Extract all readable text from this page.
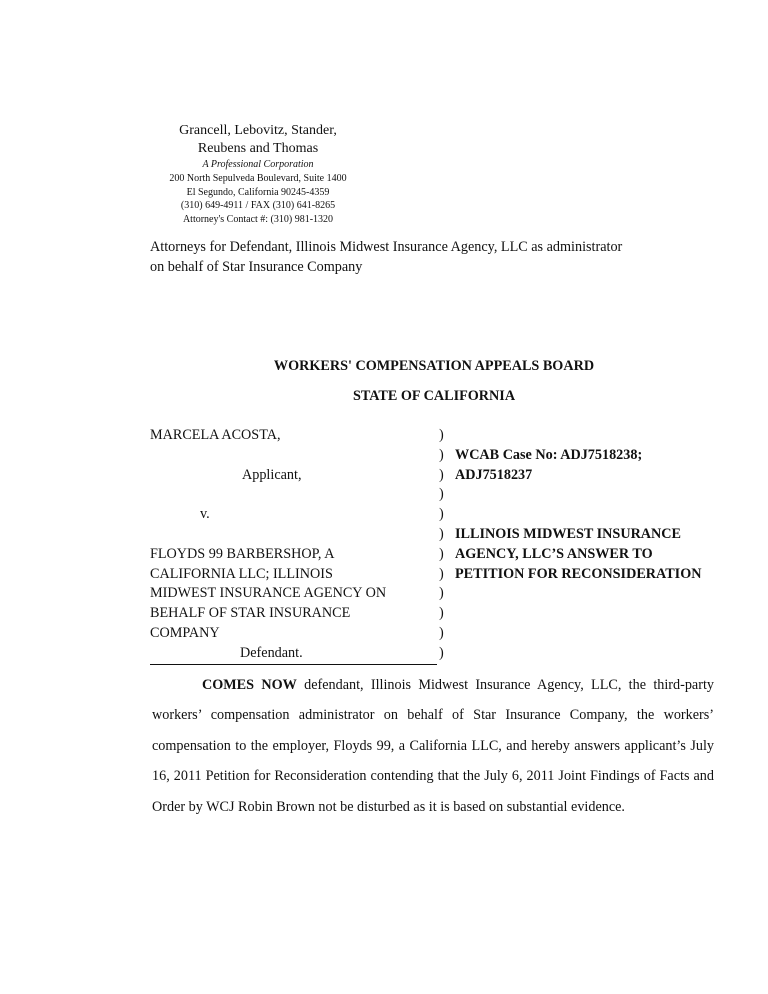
Grancell, Lebovitz, Stander,
Reubens and Thomas
A Professional Corporation
200 North Sepulveda Boulevard, Suite 1400
El Segundo, California 90245-4359
(310) 649-4911 / FAX (310) 641-8265
Attorney's Contact #: (310) 981-1320
Attorneys for Defendant, Illinois Midwest Insurance Agency, LLC as administrator
on behalf of Star Insurance Company
WORKERS' COMPENSATION APPEALS BOARD
STATE OF CALIFORNIA
MARCELA ACOSTA,
Applicant,
v.
FLOYDS 99 BARBERSHOP, A
CALIFORNIA LLC; ILLINOIS
MIDWEST INSURANCE AGENCY ON
BEHALF OF STAR INSURANCE
COMPANY
Defendant.
)
)
)
)
)
)
)
)
)
)
)
)
WCAB Case No: ADJ7518238;
ADJ7518237
ILLINOIS MIDWEST INSURANCE
AGENCY, LLC’S ANSWER TO
PETITION FOR RECONSIDERATION
COMES NOW defendant, Illinois Midwest Insurance Agency, LLC, the third-party workers’ compensation administrator on behalf of Star Insurance Company, the workers’ compensation to the employer, Floyds 99, a California LLC, and hereby answers applicant’s July 16, 2011 Petition for Reconsideration contending that the July 6, 2011 Joint Findings of Facts and Order by WCJ Robin Brown not be disturbed as it is based on substantial evidence.
